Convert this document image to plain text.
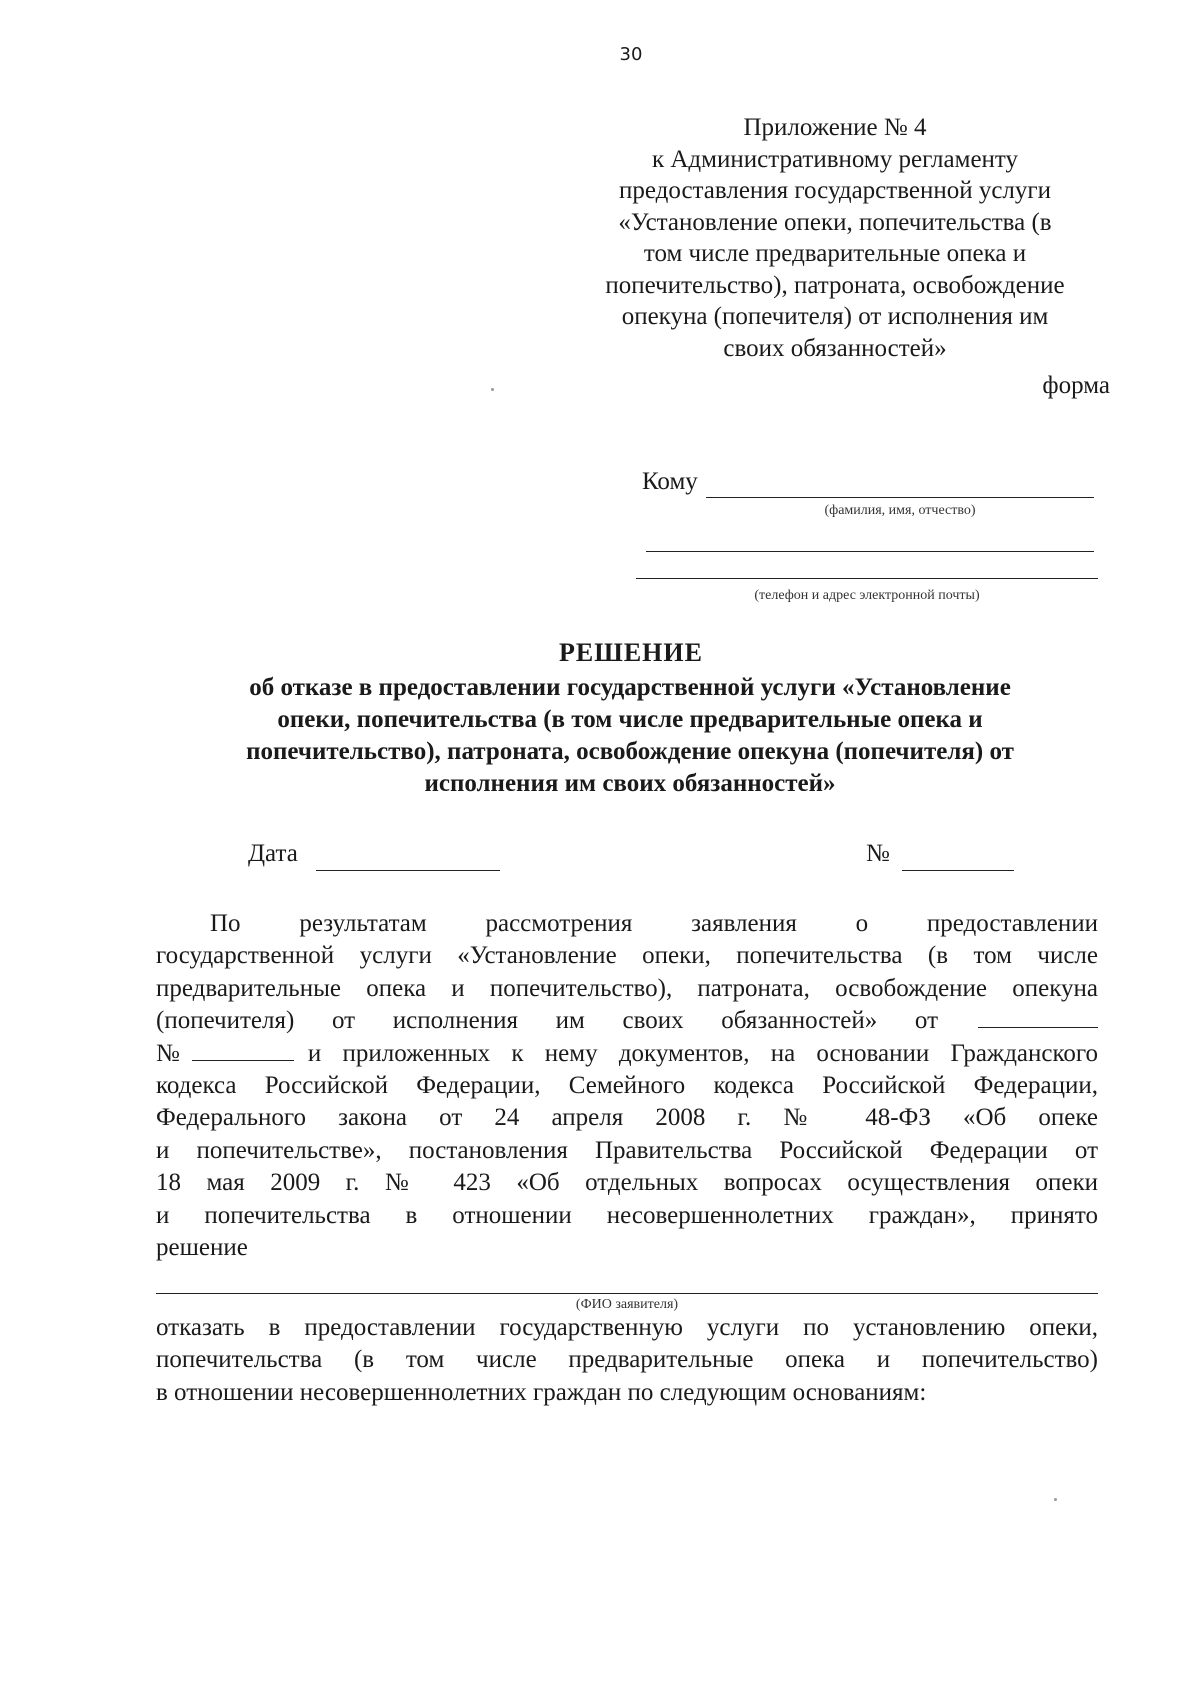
30
Приложение № 4
к Административному регламенту
предоставления государственной услуги
«Установление опеки, попечительства (в
том числе предварительные опека и
попечительство), патроната, освобождение
опекуна (попечителя) от исполнения им
своих обязанностей»
форма
Кому
(фамилия, имя, отчество)
(телефон и адрес электронной почты)
РЕШЕНИЕ
об отказе в предоставлении государственной услуги «Установление
опеки, попечительства (в том числе предварительные опека и
попечительство), патроната, освобождение опекуна (попечителя) от
исполнения им своих обязанностей»
Дата	№

По результатам рассмотрения заявления о предоставлении

государственной услуги «Установление опеки, попечительства (в том числе

предварительные опека и попечительство), патроната, освобождение опекуна

(попечителя) от исполнения им своих обязанностей» от

№	и приложенных к нему документов, на основании Гражданского

кодекса Российской Федерации, Семейного кодекса Российской Федерации,

Федерального закона от 24 апреля 2008 г. № 48-ФЗ «Об опеке

и попечительстве», постановления Правительства Российской Федерации от

18 мая 2009 г. № 423 «Об отдельных вопросах осуществления опеки

и попечительства в отношении несовершеннолетних граждан», принято

решение

(ФИО заявителя)

отказать в предоставлении государственную услуги по установлению опеки,

попечительства (в том числе предварительные опека и попечительство)

в отношении несовершеннолетних граждан по следующим основаниям:
